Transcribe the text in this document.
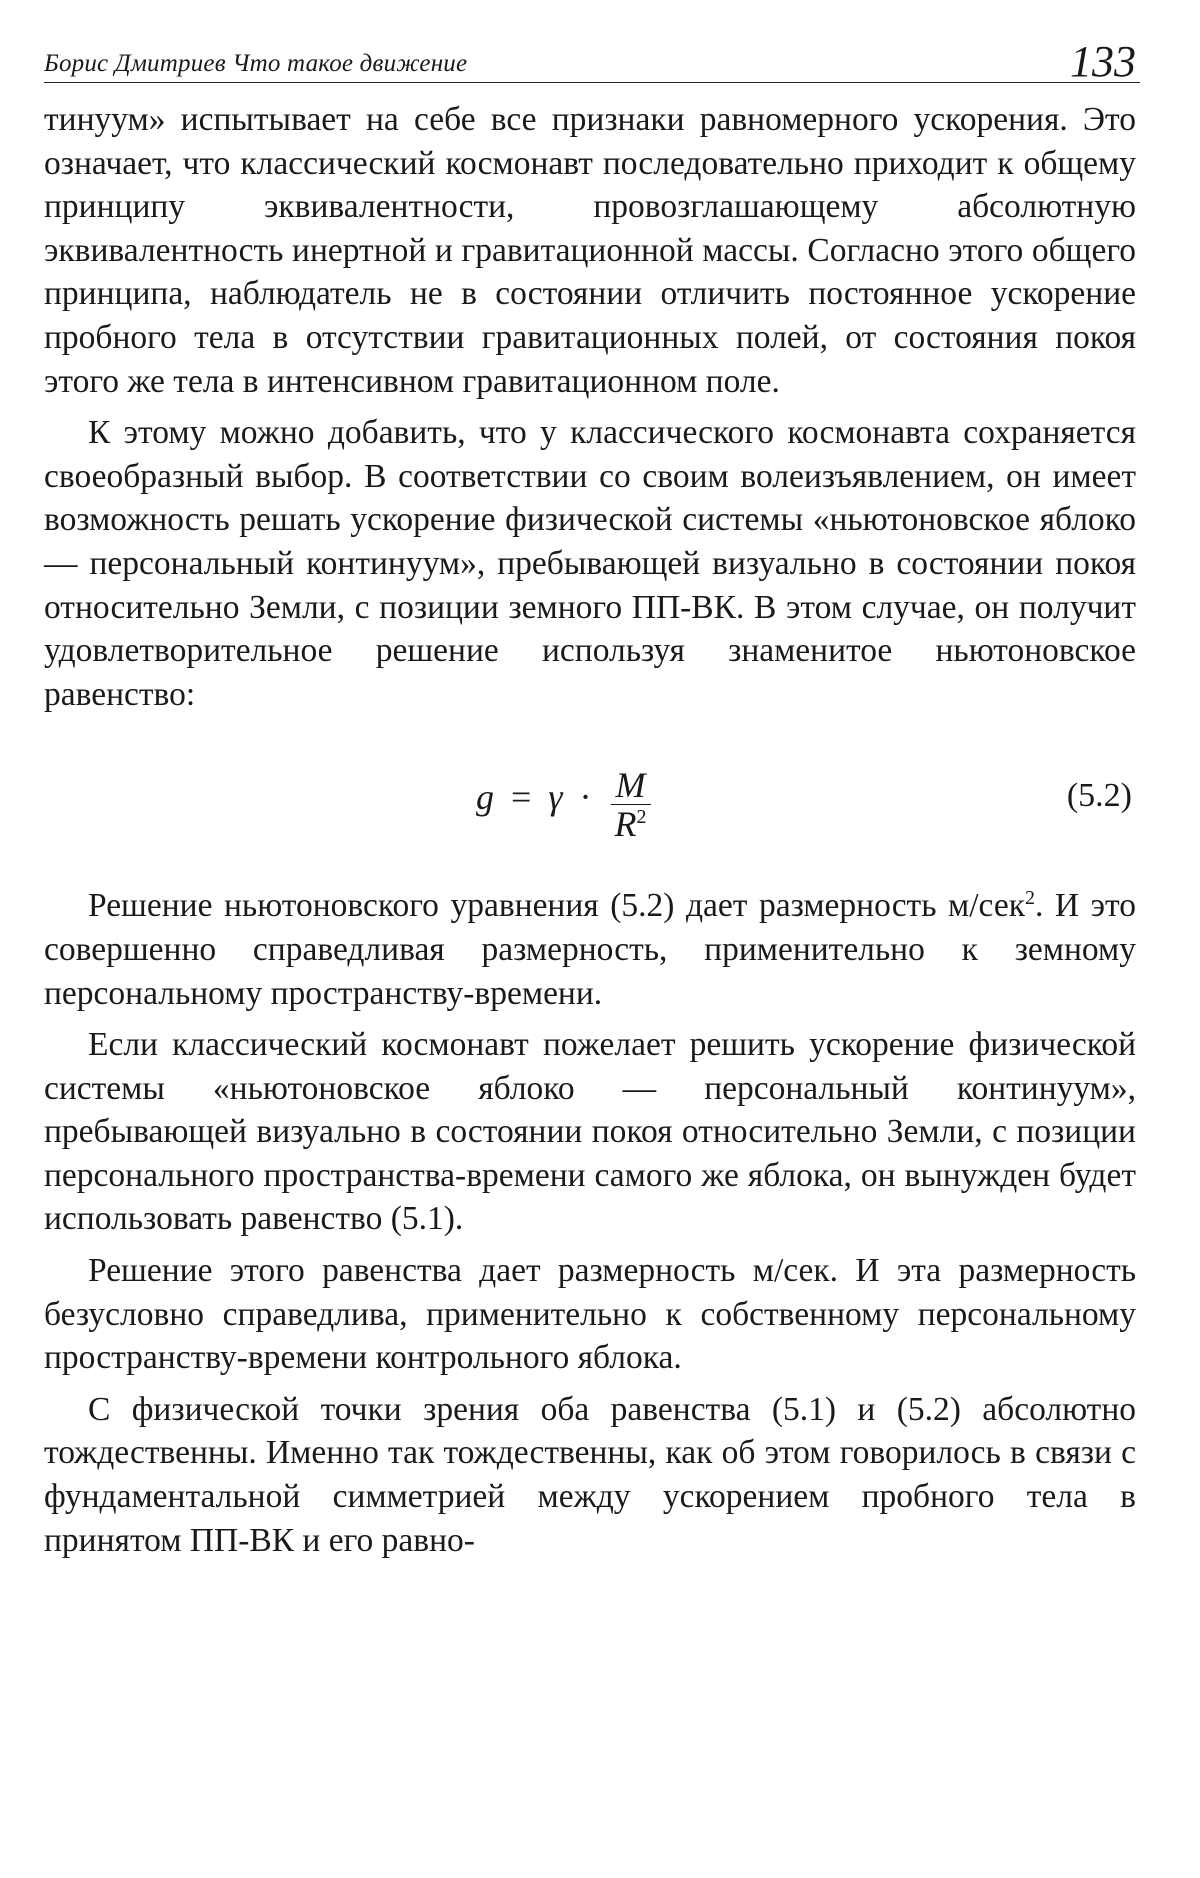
Борис Дмитриев Что такое движение	133

тинуум» испытывает на себе все признаки равномерного ускорения. Это означает, что классический космонавт последовательно приходит к общему принципу эквивалентности, провозглашающему абсолютную эквивалентность инертной и гравитационной массы. Согласно этого общего принципа, наблюдатель не в состоянии отличить постоянное ускорение пробного тела в отсутствии гравитационных полей, от состояния покоя этого же тела в интенсивном гравитационном поле.

К этому можно добавить, что у классического космонавта сохраняется своеобразный выбор. В соответствии со своим волеизъявлением, он имеет возможность решать ускорение физической системы «ньютоновское яблоко — персональный континуум», пребывающей визуально в состоянии покоя относительно Земли, с позиции земного ПП-ВК. В этом случае, он получит удовлетворительное решение используя знаменитое ньютоновское равенство:

$g = \gamma \cdot \frac{M}{R^2}$	(5.2)

Решение ньютоновского уравнения (5.2) дает размерность м/сек$^2$. И это совершенно справедливая размерность, применительно к земному персональному пространству-времени.

Если классический космонавт пожелает решить ускорение физической системы «ньютоновское яблоко — персональный континуум», пребывающей визуально в состоянии покоя относительно Земли, с позиции персонального пространства-времени самого же яблока, он вынужден будет использовать равенство (5.1).

Решение этого равенства дает размерность м/сек. И эта размерность безусловно справедлива, применительно к собственному персональному пространству-времени контрольного яблока.

С физической точки зрения оба равенства (5.1) и (5.2) абсолютно тождественны. Именно так тождественны, как об этом говорилось в связи с фундаментальной симметрией между ускорением пробного тела в принятом ПП-ВК и его равно-
